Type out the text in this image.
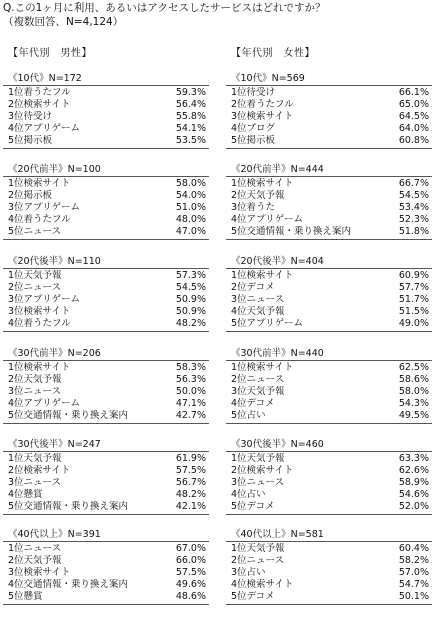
Q.この1ヶ月に利用、あるいはアクセスしたサービスはどれですか？
（複数回答、N=4,124）
【年代別　男性】
《10代》N=172
1位着うたフル	59.3%
2位検索サイト	56.4%
3位待受け	55.8%
4位アプリゲーム	54.1%
5位掲示板	53.5%
《20代前半》N=100
1位検索サイト	58.0%
2位掲示板	54.0%
3位アプリゲーム	51.0%
4位着うたフル	48.0%
5位ニュース	47.0%
《20代後半》N=110
1位天気予報	57.3%
2位ニュース	54.5%
3位アプリゲーム	50.9%
3位検索サイト	50.9%
4位着うたフル	48.2%
《30代前半》N=206
1位検索サイト	58.3%
2位天気予報	56.3%
3位ニュース	50.0%
4位アプリゲーム	47.1%
5位交通情報・乗り換え案内	42.7%
《30代後半》N=247
1位天気予報	61.9%
2位検索サイト	57.5%
3位ニュース	56.7%
4位懸賞	48.2%
5位交通情報・乗り換え案内	42.1%
《40代以上》N=391
1位ニュース	67.0%
2位天気予報	66.0%
3位検索サイト	57.5%
4位交通情報・乗り換え案内	49.6%
5位懸賞	48.6%
【年代別　女性】
《10代》N=569
1位待受け	66.1%
2位着うたフル	65.0%
3位検索サイト	64.5%
4位ブログ	64.0%
5位掲示板	60.8%
《20代前半》N=444
1位検索サイト	66.7%
2位天気予報	54.5%
3位着うた	53.4%
4位アプリゲーム	52.3%
5位交通情報・乗り換え案内	51.8%
《20代後半》N=404
1位検索サイト	60.9%
2位デコメ	57.7%
3位ニュース	51.7%
4位天気予報	51.5%
5位アプリゲーム	49.0%
《30代前半》N=440
1位検索サイト	62.5%
2位ニュース	58.6%
3位天気予報	58.0%
4位デコメ	54.3%
5位占い	49.5%
《30代後半》N=460
1位天気予報	63.3%
2位検索サイト	62.6%
3位ニュース	58.9%
4位占い	54.6%
5位デコメ	52.0%
《40代以上》N=581
1位天気予報	60.4%
2位ニュース	58.2%
3位占い	57.0%
4位検索サイト	54.7%
5位デコメ	50.1%
